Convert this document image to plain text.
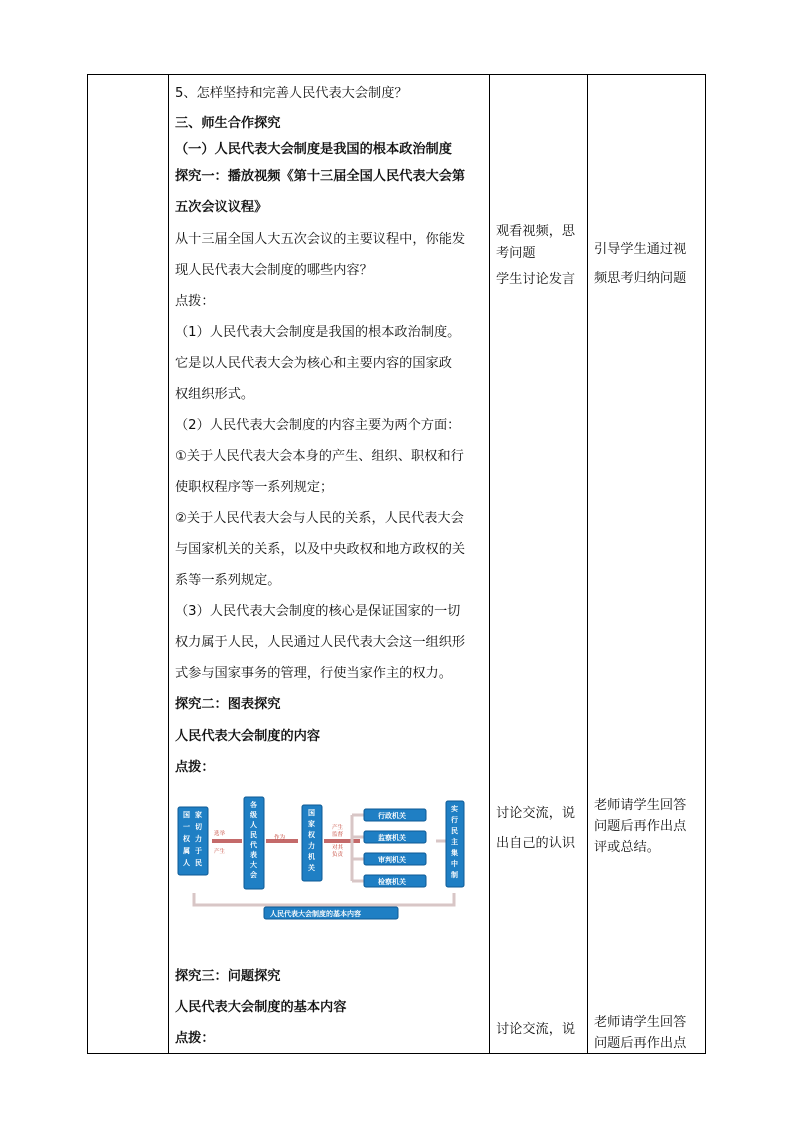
5、怎样坚持和完善人民代表大会制度？
三、师生合作探究
（一）人民代表大会制度是我国的根本政治制度
探究一：播放视频《第十三届全国人民代表大会第
五次会议议程》
从十三届全国人大五次会议的主要议程中，你能发
现人民代表大会制度的哪些内容？
点拨：
（1）人民代表大会制度是我国的根本政治制度。
它是以人民代表大会为核心和主要内容的国家政
权组织形式。
（2）人民代表大会制度的内容主要为两个方面：
①关于人民代表大会本身的产生、组织、职权和行
使职权程序等一系列规定；
②关于人民代表大会与人民的关系，人民代表大会
与国家机关的关系，以及中央政权和地方政权的关
系等一系列规定。
（3）人民代表大会制度的核心是保证国家的一切
权力属于人民，人民通过人民代表大会这一组织形
式参与国家事务的管理，行使当家作主的权力。
探究二：图表探究
人民代表大会制度的内容
点拨：
国 家一 切权 力属 于人 民
选举
产生
各级人民代表大会
作为
国家权力机关
产生
监督
对其
负责
行政机关
监察机关
审判机关
检察机关
实行民主集中制
人民代表大会制度的基本内容
探究三：问题探究
人民代表大会制度的基本内容
点拨：
观看视频，思
考问题
学生讨论发言
讨论交流，说
出自己的认识
讨论交流，说
引导学生通过视
频思考归纳问题
老师请学生回答
问题后再作出点
评或总结。
老师请学生回答
问题后再作出点
